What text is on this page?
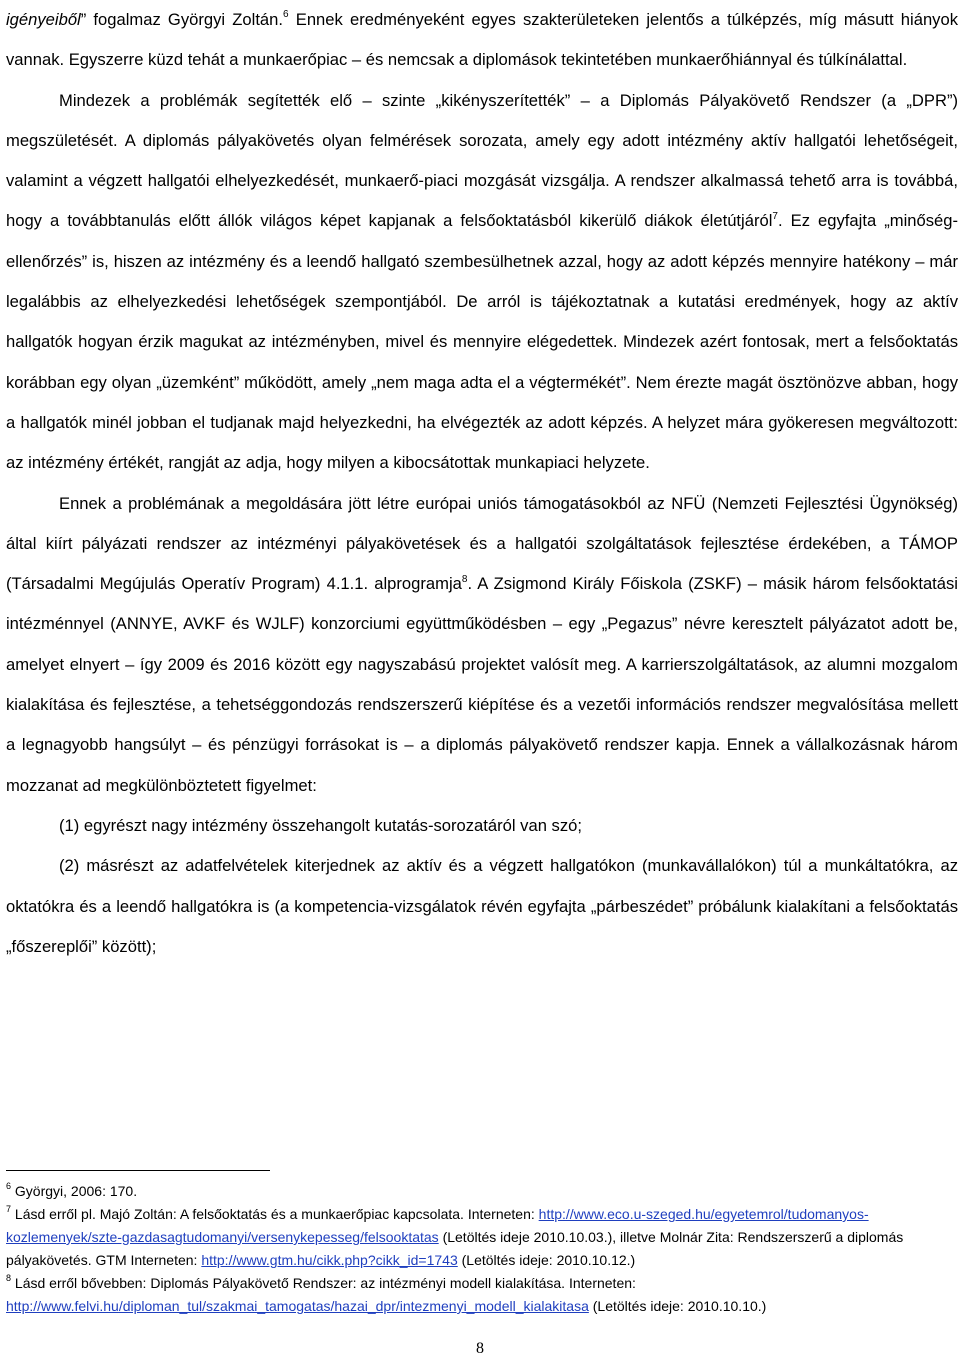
igényeiből” fogalmaz Györgyi Zoltán.$^6$ Ennek eredményeként egyes szakterületeken jelentős a túlképzés, míg másutt hiányok vannak. Egyszerre küzd tehát a munkaerőpiac – és nemcsak a diplomások tekintetében munkaerőhiánnyal és túlkínálattal.

Mindezek a problémák segítették elő – szinte „kikényszerítették” – a Diplomás Pályakövető Rendszer (a „DPR”) megszületését. A diplomás pályakövetés olyan felmérések sorozata, amely egy adott intézmény aktív hallgatói lehetőségeit, valamint a végzett hallgatói elhelyezkedését, munkaerő-piaci mozgását vizsgálja. A rendszer alkalmassá tehető arra is továbbá, hogy a továbbtanulás előtt állók világos képet kapjanak a felsőoktatásból kikerülő diákok életútjáról$^7$. Ez egyfajta „minőség-ellenőrzés” is, hiszen az intézmény és a leendő hallgató szembesülhetnek azzal, hogy az adott képzés mennyire hatékony – már legalábbis az elhelyezkedési lehetőségek szempontjából. De arról is tájékoztatnak a kutatási eredmények, hogy az aktív hallgatók hogyan érzik magukat az intézményben, mivel és mennyire elégedettek. Mindezek azért fontosak, mert a felsőoktatás korábban egy olyan „üzemként” működött, amely „nem maga adta el a végtermékét”. Nem érezte magát ösztönözve abban, hogy a hallgatók minél jobban el tudjanak majd helyezkedni, ha elvégezték az adott képzés. A helyzet mára gyökeresen megváltozott: az intézmény értékét, rangját az adja, hogy milyen a kibocsátottak munkapiaci helyzete.

Ennek a problémának a megoldására jött létre európai uniós támogatásokból az NFÜ (Nemzeti Fejlesztési Ügynökség) által kiírt pályázati rendszer az intézményi pályakövetések és a hallgatói szolgáltatások fejlesztése érdekében, a TÁMOP (Társadalmi Megújulás Operatív Program) 4.1.1. alprogramja$^8$. A Zsigmond Király Főiskola (ZSKF) – másik három felsőoktatási intézménnyel (ANNYE, AVKF és WJLF) konzorciumi együttműködésben – egy „Pegazus” névre keresztelt pályázatot adott be, amelyet elnyert – így 2009 és 2016 között egy nagyszabású projektet valósít meg. A karrierszolgáltatások, az alumni mozgalom kialakítása és fejlesztése, a tehetséggondozás rendszerszerű kiépítése és a vezetői információs rendszer megvalósítása mellett a legnagyobb hangsúlyt – és pénzügyi forrásokat is – a diplomás pályakövető rendszer kapja. Ennek a vállalkozásnak három mozzanat ad megkülönböztetett figyelmet:

(1) egyrészt nagy intézmény összehangolt kutatás-sorozatáról van szó;

(2) másrészt az adatfelvételek kiterjednek az aktív és a végzett hallgatókon (munkavállalókon) túl a munkáltatókra, az oktatókra és a leendő hallgatókra is (a kompetencia-vizsgálatok révén egyfajta „párbeszédet” próbálunk kialakítani a felsőoktatás „főszereplői” között);

$^6$ Györgyi, 2006: 170.

$^7$ Lásd erről pl. Majó Zoltán: A felsőoktatás és a munkaerőpiac kapcsolata. Interneten: http://www.eco.u-szeged.hu/egyetemrol/tudomanyos-kozlemenyek/szte-gazdasagtudomanyi/versenykepesseg/felsooktatas (Letöltés ideje 2010.10.03.), illetve Molnár Zita: Rendszerszerű a diplomás pályakövetés. GTM Interneten: http://www.gtm.hu/cikk.php?cikk_id=1743 (Letöltés ideje: 2010.10.12.)

$^8$ Lásd erről bővebben: Diplomás Pályakövető Rendszer: az intézményi modell kialakítása. Interneten: http://www.felvi.hu/diploman_tul/szakmai_tamogatas/hazai_dpr/intezmenyi_modell_kialakitasa (Letöltés ideje: 2010.10.10.)

8
